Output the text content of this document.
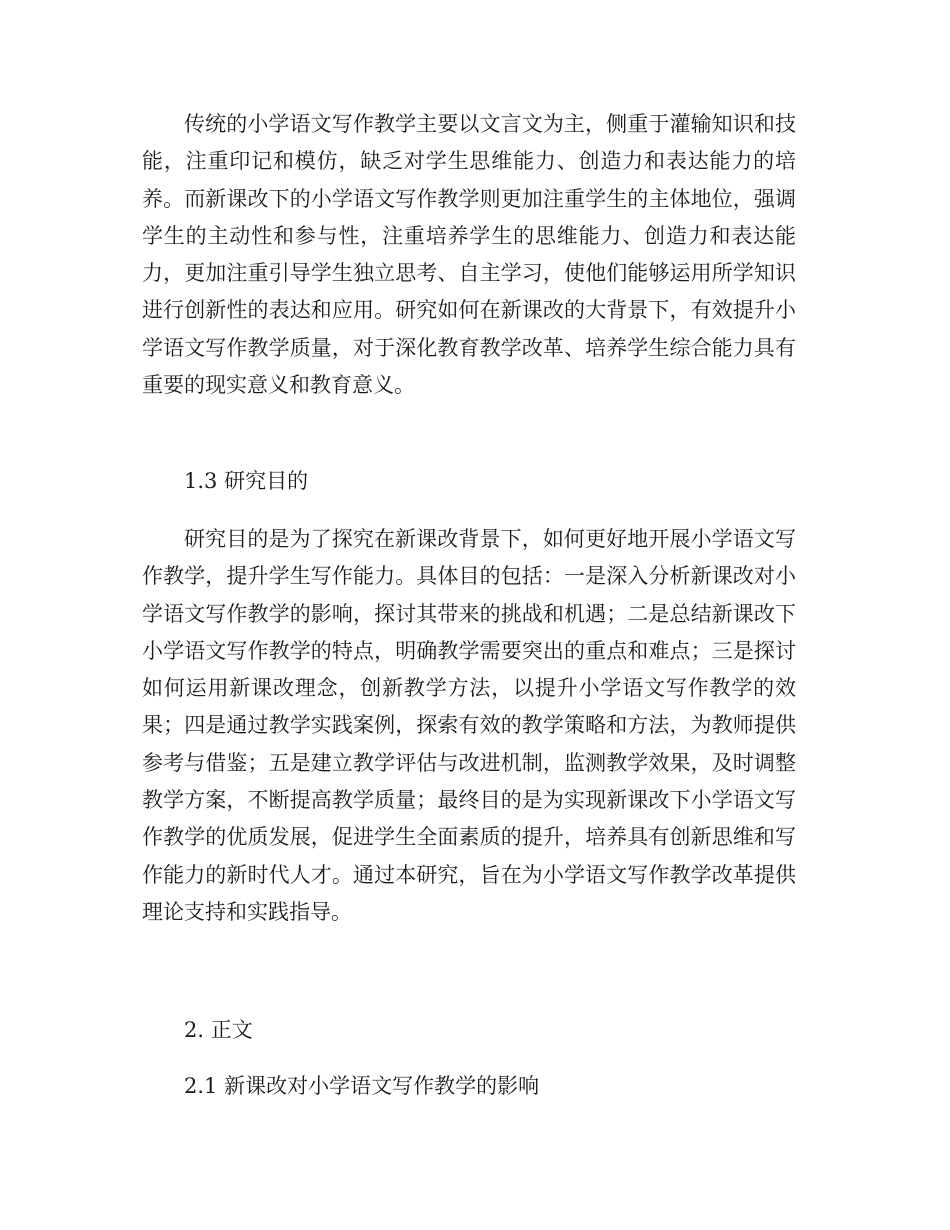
传统的小学语文写作教学主要以文言文为主，侧重于灌输知识和技能，注重印记和模仿，缺乏对学生思维能力、创造力和表达能力的培养。而新课改下的小学语文写作教学则更加注重学生的主体地位，强调学生的主动性和参与性，注重培养学生的思维能力、创造力和表达能力，更加注重引导学生独立思考、自主学习，使他们能够运用所学知识进行创新性的表达和应用。研究如何在新课改的大背景下，有效提升小学语文写作教学质量，对于深化教育教学改革、培养学生综合能力具有重要的现实意义和教育意义。

1.3 研究目的

研究目的是为了探究在新课改背景下，如何更好地开展小学语文写作教学，提升学生写作能力。具体目的包括：一是深入分析新课改对小学语文写作教学的影响，探讨其带来的挑战和机遇；二是总结新课改下小学语文写作教学的特点，明确教学需要突出的重点和难点；三是探讨如何运用新课改理念，创新教学方法，以提升小学语文写作教学的效果；四是通过教学实践案例，探索有效的教学策略和方法，为教师提供参考与借鉴；五是建立教学评估与改进机制，监测教学效果，及时调整教学方案，不断提高教学质量；最终目的是为实现新课改下小学语文写作教学的优质发展，促进学生全面素质的提升，培养具有创新思维和写作能力的新时代人才。通过本研究，旨在为小学语文写作教学改革提供理论支持和实践指导。

2. 正文

2.1 新课改对小学语文写作教学的影响
